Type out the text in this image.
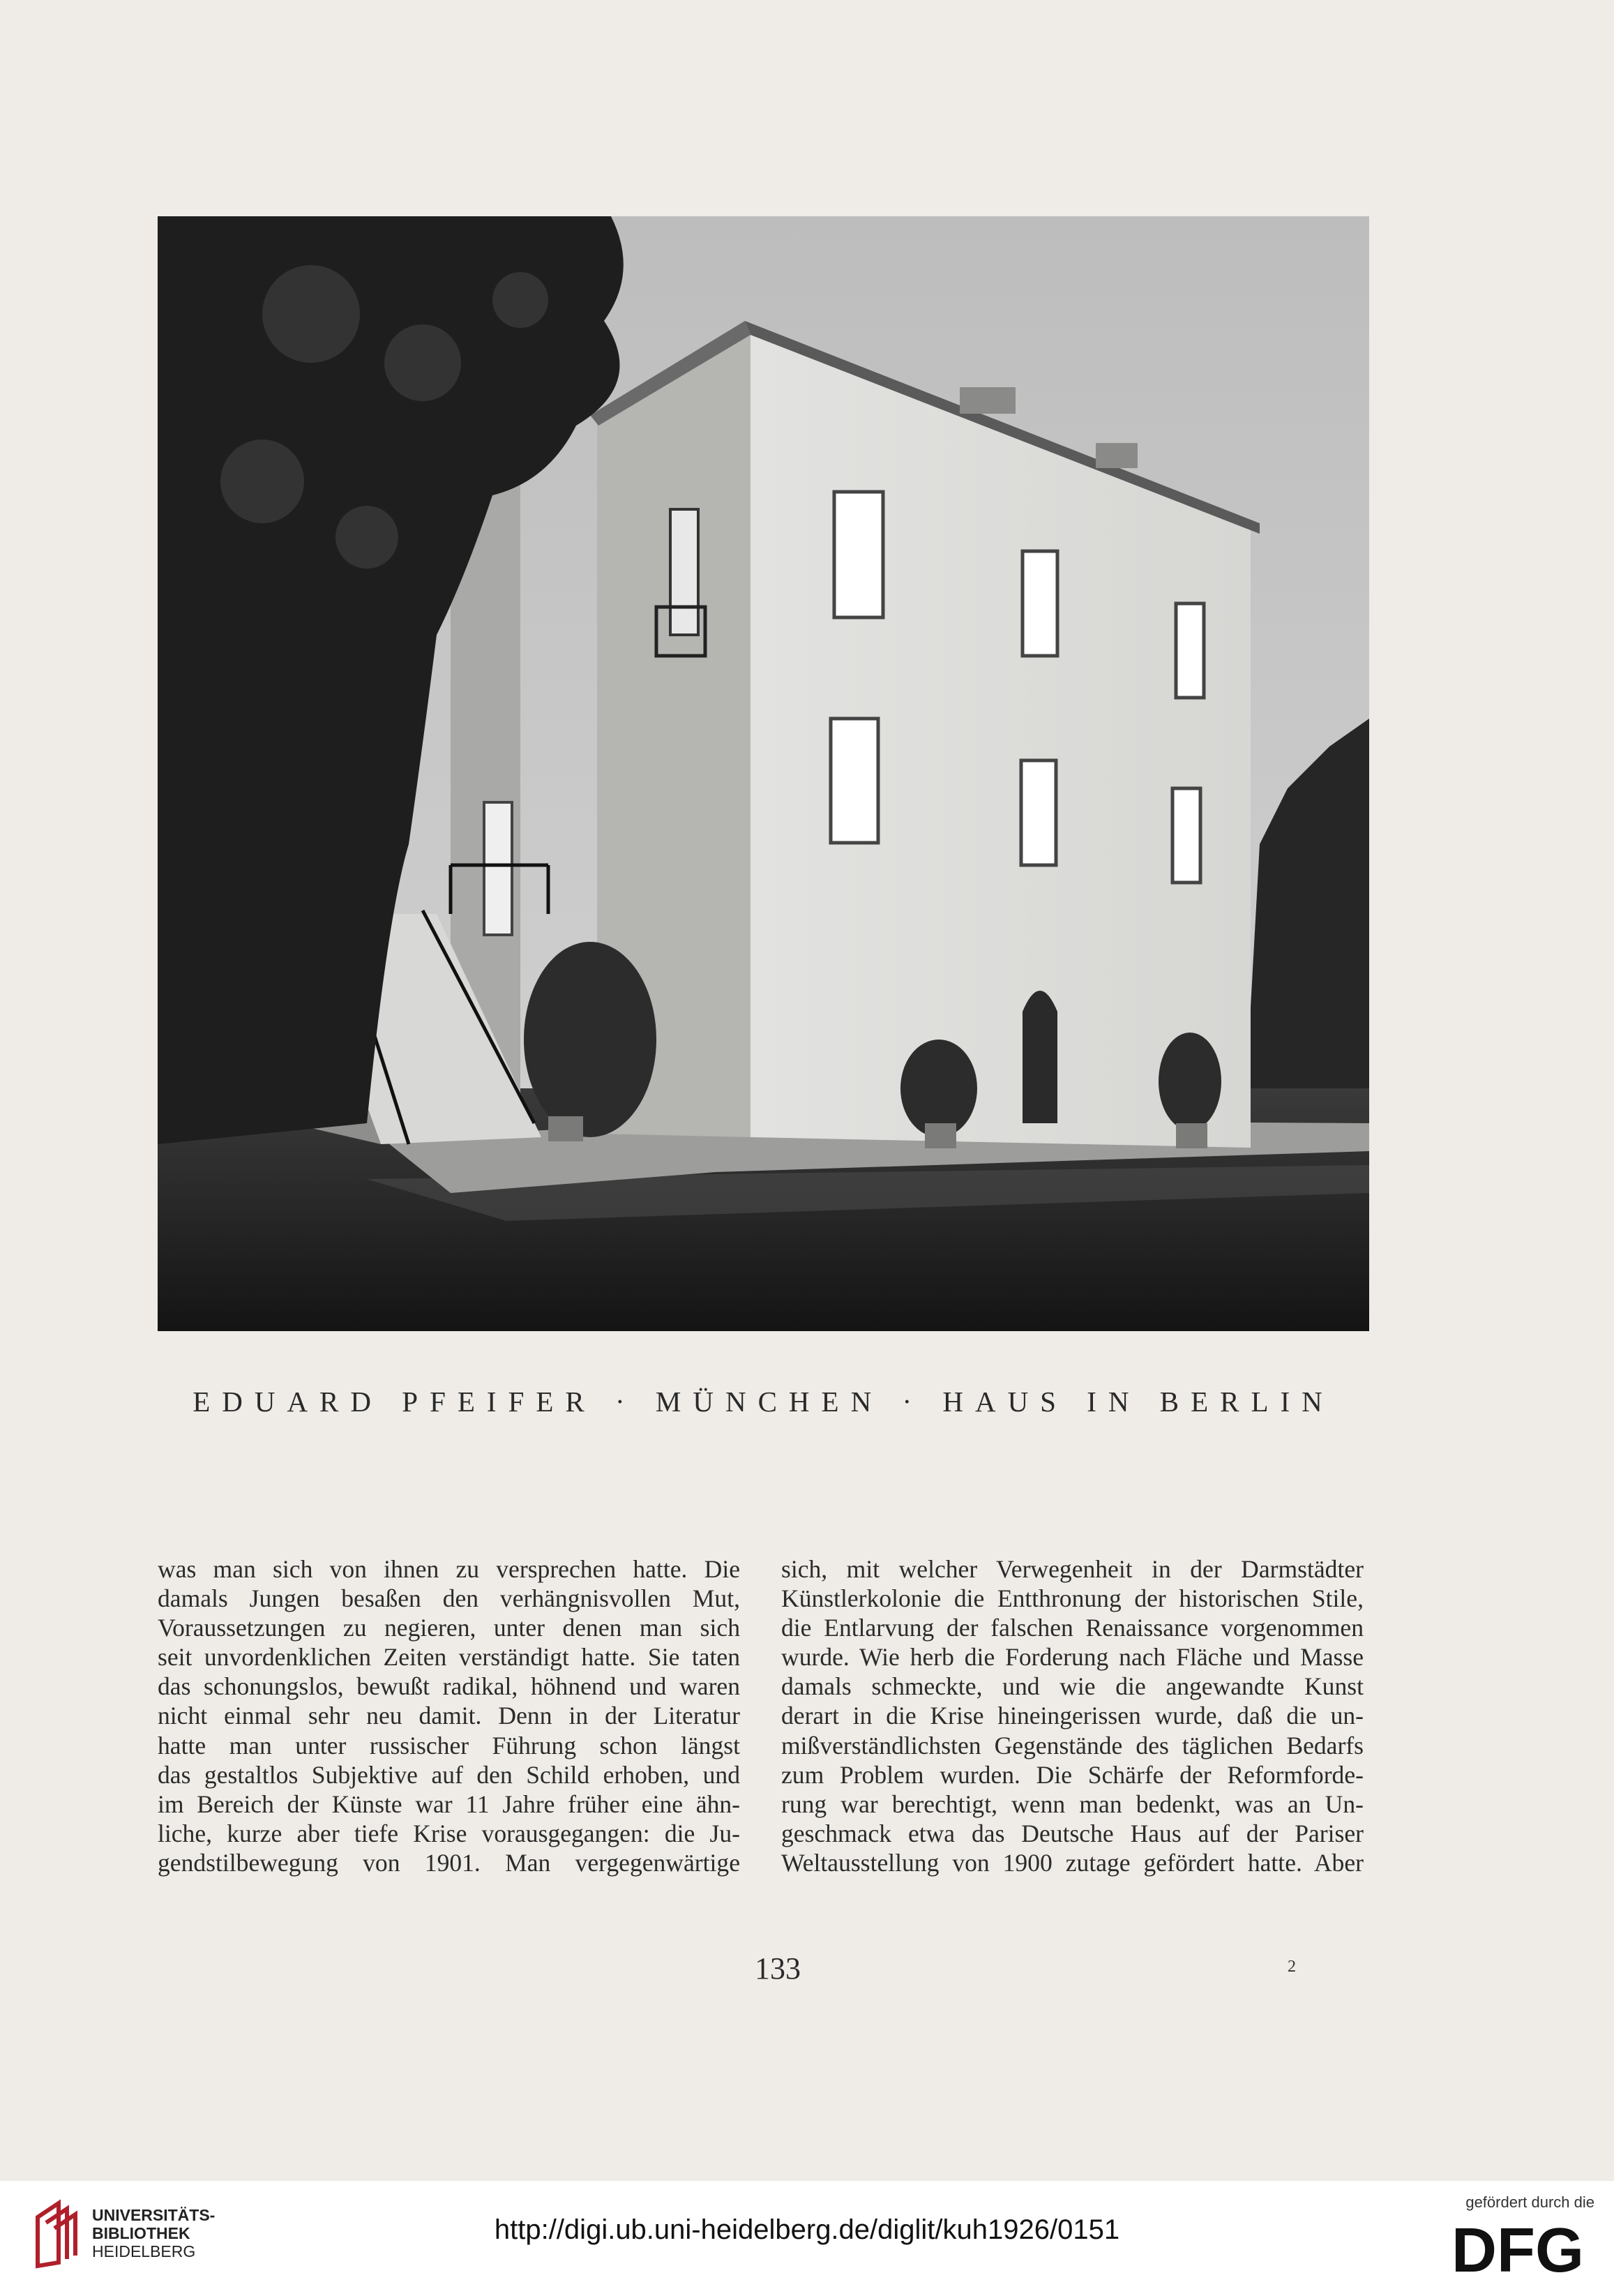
EDUARD PFEIFER · MÜNCHEN · HAUS IN BERLIN
was man sich von ihnen zu versprechen hatte. Die
damals Jungen besaßen den verhängnisvollen Mut,
Voraussetzungen zu negieren, unter denen man sich
seit unvordenklichen Zeiten verständigt hatte. Sie taten
das schonungslos, bewußt radikal, höhnend und waren
nicht einmal sehr neu damit. Denn in der Literatur
hatte man unter russischer Führung schon längst
das gestaltlos Subjektive auf den Schild erhoben, und
im Bereich der Künste war 11 Jahre früher eine ähn-
liche, kurze aber tiefe Krise vorausgegangen: die Ju-
gendstilbewegung von 1901. Man vergegenwärtige
sich, mit welcher Verwegenheit in der Darmstädter
Künstlerkolonie die Entthronung der historischen Stile,
die Entlarvung der falschen Renaissance vorgenommen
wurde. Wie herb die Forderung nach Fläche und Masse
damals schmeckte, und wie die angewandte Kunst
derart in die Krise hineingerissen wurde, daß die un-
mißverständlichsten Gegenstände des täglichen Bedarfs
zum Problem wurden. Die Schärfe der Reformforde-
rung war berechtigt, wenn man bedenkt, was an Un-
geschmack etwa das Deutsche Haus auf der Pariser
Weltausstellung von 1900 zutage gefördert hatte. Aber
133	2
UNIVERSITÄTS-
BIBLIOTHEK
HEIDELBERG
http://digi.ub.uni-heidelberg.de/diglit/kuh1926/0151
gefördert durch die
DFG
